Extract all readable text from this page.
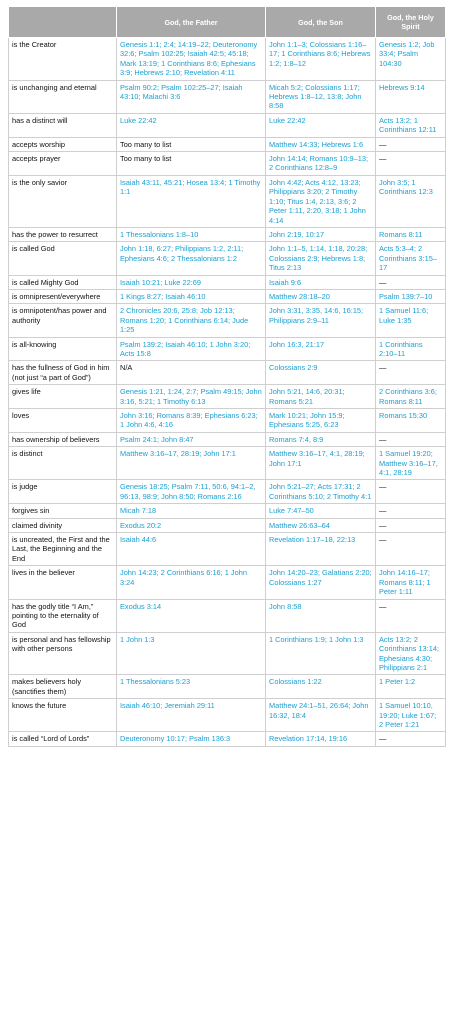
	God, the Father	God, the Son	God, the Holy Spirit
is the Creator	Genesis 1:1; 2:4; 14:19–22; Deuteronomy 32:6; Psalm 102:25; Isaiah 42:5; 45:18; Mark 13:19; 1 Corinthians 8:6; Ephesians 3:9; Hebrews 2:10; Revelation 4:11	John 1:1–3; Colossians 1:16–17; 1 Corinthians 8:6; Hebrews 1:2; 1:8–12	Genesis 1:2; Job 33:4; Psalm 104:30
is unchanging and eternal	Psalm 90:2; Psalm 102:25–27; Isaiah 43:10; Malachi 3:6	Micah 5:2; Colossians 1:17; Hebrews 1:8–12, 13:8; John 8:58	Hebrews 9:14
has a distinct will	Luke 22:42	Luke 22:42	Acts 13:2; 1 Corinthians 12:11
accepts worship	Too many to list	Matthew 14:33; Hebrews 1:6	—
accepts prayer	Too many to list	John 14:14; Romans 10:9–13; 2 Corinthians 12:8–9	—
is the only savior	Isaiah 43:11, 45:21; Hosea 13:4; 1 Timothy 1:1	John 4:42; Acts 4:12, 13:23; Philippians 3:20; 2 Timothy 1:10; Titus 1:4, 2:13, 3:6; 2 Peter 1:11, 2:20, 3:18; 1 John 4:14	John 3:5; 1 Corinthians 12:3
has the power to resurrect	1 Thessalonians 1:8–10	John 2:19, 10:17	Romans 8:11
is called God	John 1:18, 6:27; Philippians 1:2, 2:11; Ephesians 4:6; 2 Thessalonians 1:2	John 1:1–5, 1:14, 1:18, 20:28; Colossians 2:9; Hebrews 1:8; Titus 2:13	Acts 5:3–4; 2 Corinthians 3:15–17
is called Mighty God	Isaiah 10:21; Luke 22:69	Isaiah 9:6	—
is omnipresent/everywhere	1 Kings 8:27; Isaiah 46:10	Matthew 28:18–20	Psalm 139:7–10
is omnipotent/has power and authority	2 Chronicles 20:6, 25:8; Job 12:13; Romans 1:20; 1 Corinthians 6:14; Jude 1:25	John 3:31, 3:35, 14:6, 16:15; Philippians 2:9–11	1 Samuel 11:6; Luke 1:35
is all-knowing	Psalm 139:2; Isaiah 46:10; 1 John 3:20; Acts 15:8	John 16:3, 21:17	1 Corinthians 2:10–11
has the fullness of God in him (not just “a part of God”)	N/A	Colossians 2:9	—
gives life	Genesis 1:21, 1:24, 2:7; Psalm 49:15; John 3:16, 5:21; 1 Timothy 6:13	John 5:21, 14:6, 20:31; Romans 5:21	2 Corinthians 3:6; Romans 8:11
loves	John 3:16; Romans 8:39; Ephesians 6:23; 1 John 4:6, 4:16	Mark 10:21; John 15:9; Ephesians 5:25, 6:23	Romans 15:30
has ownership of believers	Psalm 24:1; John 8:47	Romans 7:4, 8:9	—
is distinct	Matthew 3:16–17, 28:19; John 17:1	Matthew 3:16–17, 4:1, 28:19; John 17:1	1 Samuel 19:20; Matthew 3:16–17, 4:1, 28:19
is judge	Genesis 18:25; Psalm 7:11, 50:6, 94:1–2, 96:13, 98:9; John 8:50; Romans 2:16	John 5:21–27; Acts 17:31; 2 Corinthians 5:10; 2 Timothy 4:1	—
forgives sin	Micah 7:18	Luke 7:47–50	—
claimed divinity	Exodus 20:2	Matthew 26:63–64	—
is uncreated, the First and the Last, the Beginning and the End	Isaiah 44:6	Revelation 1:17–18, 22:13	—
lives in the believer	John 14:23; 2 Corinthians 6:16; 1 John 3:24	John 14:20–23; Galatians 2:20; Colossians 1:27	John 14:16–17; Romans 8:11; 1 Peter 1:11
has the godly title “I Am,” pointing to the eternality of God	Exodus 3:14	John 8:58	—
is personal and has fellowship with other persons	1 John 1:3	1 Corinthians 1:9; 1 John 1:3	Acts 13:2; 2 Corinthians 13:14; Ephesians 4:30; Philippians 2:1
makes believers holy (sanctifies them)	1 Thessalonians 5:23	Colossians 1:22	1 Peter 1:2
knows the future	Isaiah 46:10; Jeremiah 29:11	Matthew 24:1–51, 26:64; John 16:32, 18:4	1 Samuel 10:10, 19:20; Luke 1:67; 2 Peter 1:21
is called “Lord of Lords”	Deuteronomy 10:17; Psalm 136:3	Revelation 17:14, 19:16	—
